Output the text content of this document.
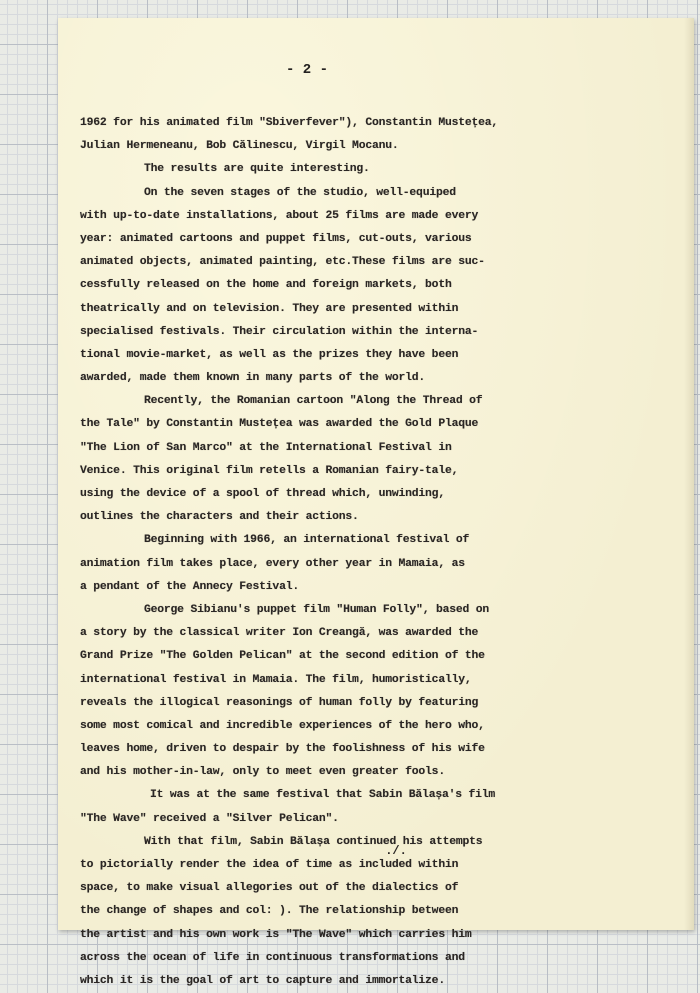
- 2 -
1962 for his animated film "Sbiverfever"), Constantin Mustețea,
Julian Hermeneanu, Bob Călinescu, Virgil Mocanu.
The results are quite interesting.
On the seven stages of the studio, well-equiped
with up-to-date installations, about 25 films are made every
year: animated cartoons and puppet films, cut-outs, various
animated objects, animated painting, etc.These films are suc-
cessfully released on the home and foreign markets, both
theatrically and on television. They are presented within
specialised festivals. Their circulation within the interna-
tional movie-market, as well as the prizes they have been
awarded, made them known in many parts of the world.
Recently, the Romanian cartoon "Along the Thread of
the Tale" by Constantin Mustețea was awarded the Gold Plaque
"The Lion of San Marco" at the International Festival in
Venice. This original film retells a Romanian fairy-tale,
using the device of a spool of thread which, unwinding,
outlines the characters and their actions.
Beginning with 1966, an international festival of
animation film takes place, every other year in Mamaia, as
a pendant of the Annecy Festival.
George Sibianu's puppet film "Human Folly", based on
a story by the classical writer Ion Creangă, was awarded the
Grand Prize "The Golden Pelican" at the second edition of the
international festival in Mamaia. The film, humoristically,
reveals the illogical reasonings of human folly by featuring
some most comical and incredible experiences of the hero who,
leaves home, driven to despair by the foolishness of his wife
and his mother-in-law, only to meet even greater fools.
It was at the same festival that Sabin Bălașa's film
"The Wave" received a "Silver Pelican".
With that film, Sabin Bălașa continued his attempts
to pictorially render the idea of time as included within
space, to make visual allegories out of the dialectics of
the change of shapes and col: ). The relationship between
the artist and his own work is "The Wave" which carries him
across the ocean of life in continuous transformations and
which it is the goal of art to capture and immortalize.
./.
